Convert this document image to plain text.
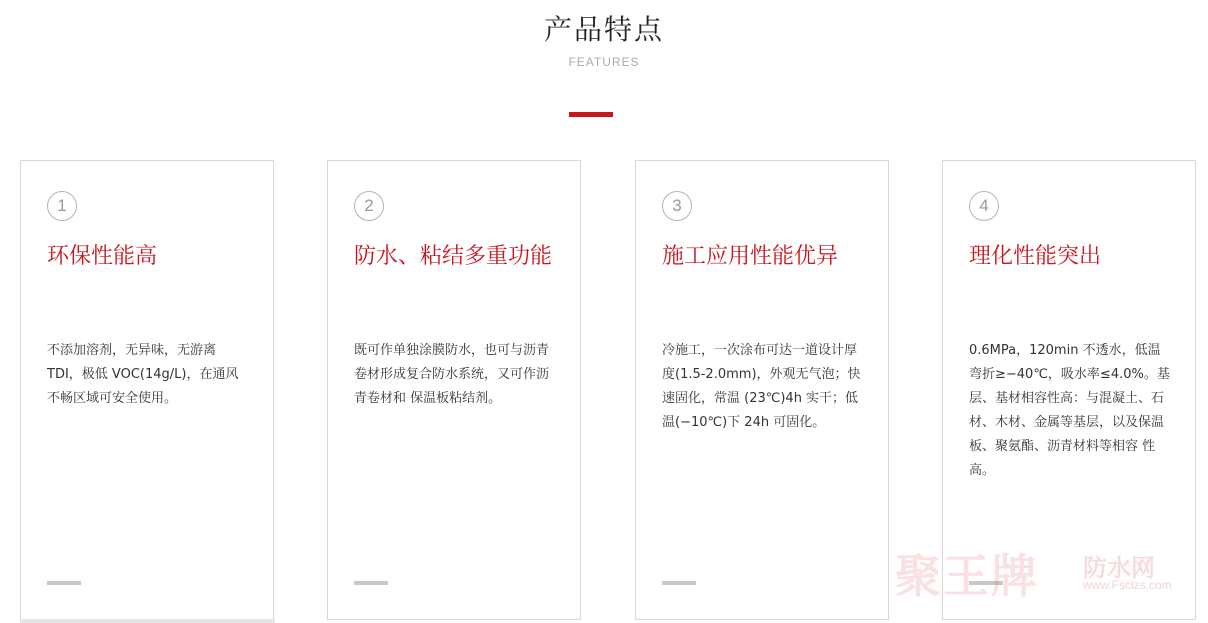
产品特点
FEATURES
1
环保性能高
不添加溶剂，无异味，无游离 TDI，极低 VOC(14g/L)，在通风不畅区域可安全使用。
2
防水、粘结多重功能
既可作单独涂膜防水，也可与沥青卷材形成复合防水系统，又可作沥青卷材和 保温板粘结剂。
3
施工应用性能优异
冷施工，一次涂布可达一道设计厚度(1.5-2.0mm)，外观无气泡；快速固化，常温 (23℃)4h 实干；低温(−10℃)下 24h 可固化。
4
理化性能突出
0.6MPa，120min 不透水，低温弯折≥−40℃，吸水率≤4.0%。基层、基材相容性高：与混凝土、石材、木材、金属等基层，以及保温板、聚氨酯、沥青材料等相容 性高。
防水网
www.Fsclzs.com
